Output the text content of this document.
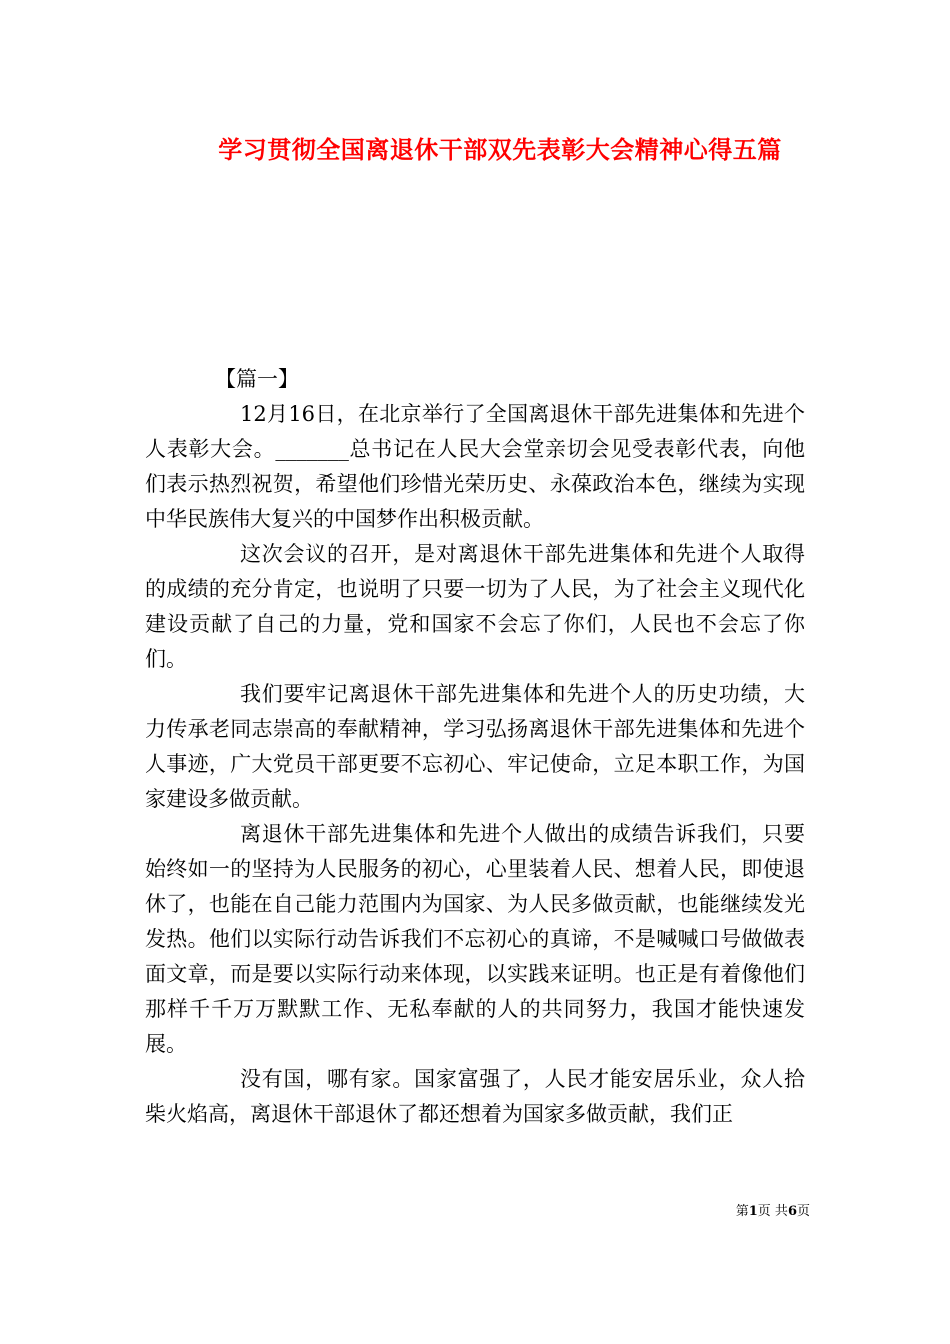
学习贯彻全国离退休干部双先表彰大会精神心得五篇

【篇一】

12月16日，在北京举行了全国离退休干部先进集体和先进个人表彰大会。_______总书记在人民大会堂亲切会见受表彰代表，向他们表示热烈祝贺，希望他们珍惜光荣历史、永葆政治本色，继续为实现中华民族伟大复兴的中国梦作出积极贡献。

这次会议的召开，是对离退休干部先进集体和先进个人取得的成绩的充分肯定，也说明了只要一切为了人民，为了社会主义现代化建设贡献了自己的力量，党和国家不会忘了你们，人民也不会忘了你们。

我们要牢记离退休干部先进集体和先进个人的历史功绩，大力传承老同志崇高的奉献精神，学习弘扬离退休干部先进集体和先进个人事迹，广大党员干部更要不忘初心、牢记使命，立足本职工作，为国家建设多做贡献。

离退休干部先进集体和先进个人做出的成绩告诉我们，只要始终如一的坚持为人民服务的初心，心里装着人民、想着人民，即使退休了，也能在自己能力范围内为国家、为人民多做贡献，也能继续发光发热。他们以实际行动告诉我们不忘初心的真谛，不是喊喊口号做做表面文章，而是要以实际行动来体现，以实践来证明。也正是有着像他们那样千千万万默默工作、无私奉献的人的共同努力，我国才能快速发展。

没有国，哪有家。国家富强了，人民才能安居乐业，众人拾柴火焰高，离退休干部退休了都还想着为国家多做贡献，我们正

第1页 共6页
